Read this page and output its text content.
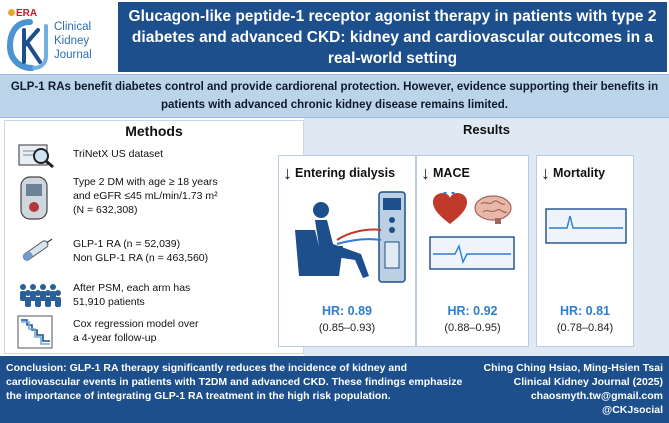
ERA
Clinical
Kidney
Journal
Glucagon-like peptide-1 receptor agonist therapy in patients with type 2 diabetes and advanced CKD: kidney and cardiovascular outcomes in a real-world setting
GLP-1 RAs benefit diabetes control and provide cardiorenal protection. However, evidence supporting their benefits in patients with advanced chronic kidney disease remains limited.
Methods
TriNetX US dataset
Type 2 DM with age ≥ 18 years
and eGFR ≤45 mL/min/1.73 m²
(N = 632,308)
GLP-1 RA (n = 52,039)
Non GLP-1 RA (n = 463,560)
After PSM, each arm has
51,910 patients
Cox regression model over
a 4-year follow-up
Results
↓ Entering dialysis
HR: 0.89
(0.85–0.93)
↓ MACE
HR: 0.92
(0.88–0.95)
↓ Mortality
HR: 0.81
(0.78–0.84)
Conclusion: GLP-1 RA therapy significantly reduces the incidence of kidney and cardiovascular events in patients with T2DM and advanced CKD. These findings emphasize the importance of integrating GLP-1 RA treatment in the high risk population.
Ching Ching Hsiao, Ming-Hsien Tsai
Clinical Kidney Journal (2025)
chaosmyth.tw@gmail.com
@CKJsocial
